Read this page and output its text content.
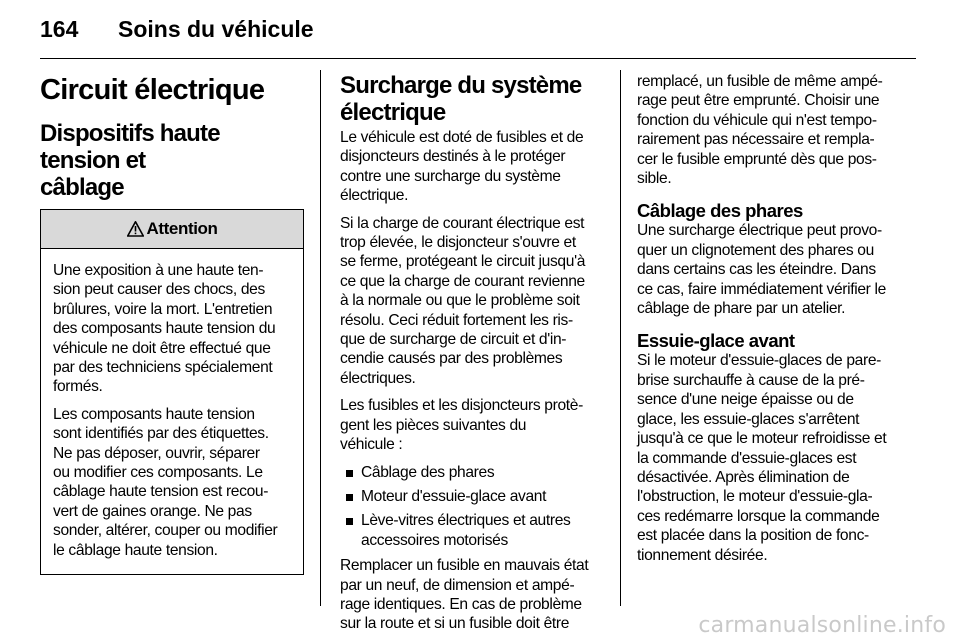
164 Soins du véhicule
Circuit électrique
Dispositifs haute tension et
câblage
Attention

Une exposition à une haute ten-
sion peut causer des chocs, des
brûlures, voire la mort. L'entretien
des composants haute tension du
véhicule ne doit être effectué que
par des techniciens spécialement
formés.

Les composants haute tension
sont identifiés par des étiquettes.
Ne pas déposer, ouvrir, séparer
ou modifier ces composants. Le
câblage haute tension est recou-
vert de gaines orange. Ne pas
sonder, altérer, couper ou modifier
le câblage haute tension.

Surcharge du système
électrique

Le véhicule est doté de fusibles et de
disjoncteurs destinés à le protéger
contre une surcharge du système
électrique.

Si la charge de courant électrique est
trop élevée, le disjoncteur s'ouvre et
se ferme, protégeant le circuit jusqu'à
ce que la charge de courant revienne
à la normale ou que le problème soit
résolu. Ceci réduit fortement les ris-
que de surcharge de circuit et d'in-
cendie causés par des problèmes
électriques.

Les fusibles et les disjoncteurs protè-
gent les pièces suivantes du
véhicule :

Câblage des phares
Moteur d'essuie-glace avant
Lève-vitres électriques et autres
accessoires motorisés

Remplacer un fusible en mauvais état
par un neuf, de dimension et ampé-
rage identiques. En cas de problème
sur la route et si un fusible doit être

remplacé, un fusible de même ampé-
rage peut être emprunté. Choisir une
fonction du véhicule qui n'est tempo-
rairement pas nécessaire et rempla-
cer le fusible emprunté dès que pos-
sible.

Câblage des phares

Une surcharge électrique peut provo-
quer un clignotement des phares ou
dans certains cas les éteindre. Dans
ce cas, faire immédiatement vérifier le
câblage de phare par un atelier.

Essuie-glace avant

Si le moteur d'essuie-glaces de pare-
brise surchauffe à cause de la pré-
sence d'une neige épaisse ou de
glace, les essuie-glaces s'arrêtent
jusqu'à ce que le moteur refroidisse et
la commande d'essuie-glaces est
désactivée. Après élimination de
l'obstruction, le moteur d'essuie-gla-
ces redémarre lorsque la commande
est placée dans la position de fonc-
tionnement désirée.

carmanualsonline.info
